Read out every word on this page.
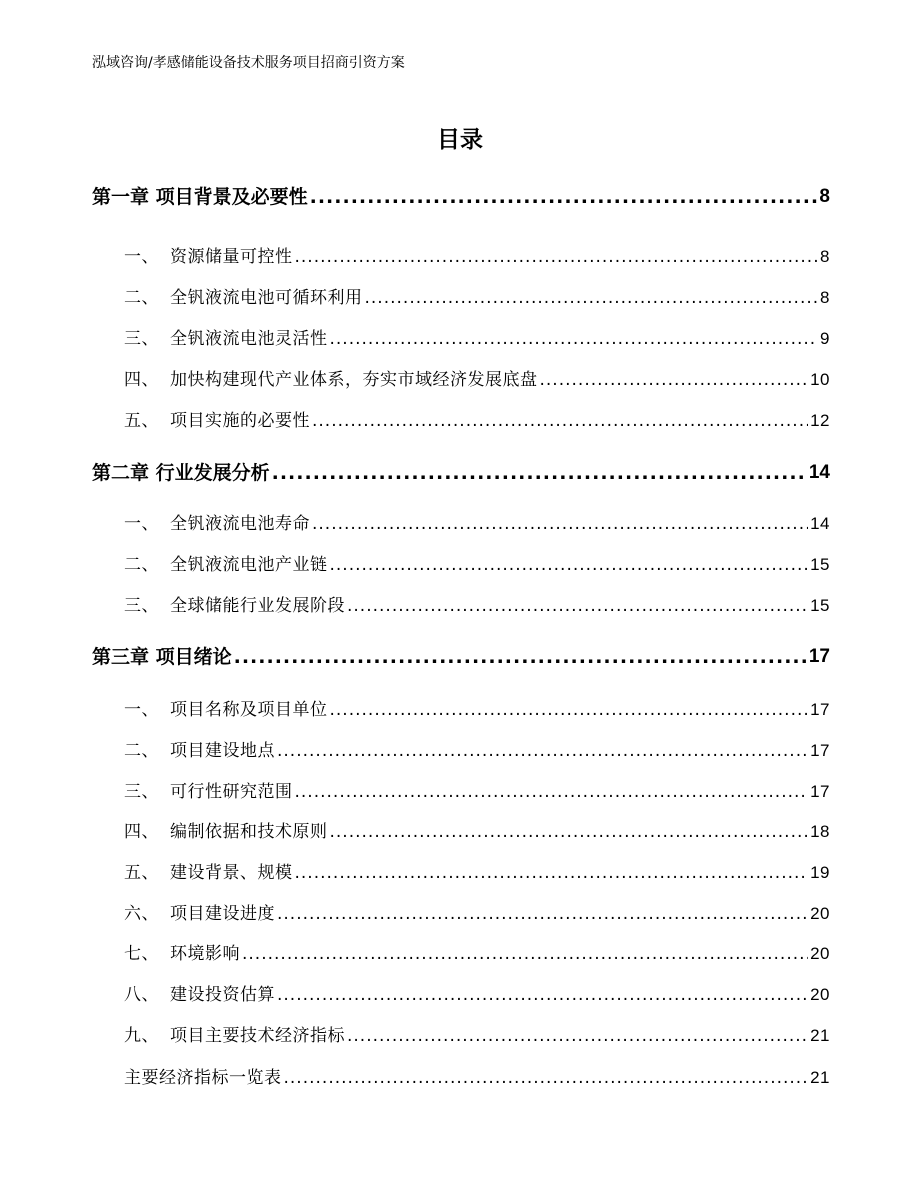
泓域咨询/孝感储能设备技术服务项目招商引资方案
目录
第一章 项目背景及必要性 .....	8
一、 资源储量可控性 .....	8
二、 全钒液流电池可循环利用 .....	8
三、 全钒液流电池灵活性 .....	9
四、 加快构建现代产业体系，夯实市域经济发展底盘 .....	10
五、 项目实施的必要性 .....	12
第二章 行业发展分析 .....	14
一、 全钒液流电池寿命 .....	14
二、 全钒液流电池产业链 .....	15
三、 全球储能行业发展阶段 .....	15
第三章 项目绪论 .....	17
一、 项目名称及项目单位 .....	17
二、 项目建设地点 .....	17
三、 可行性研究范围 .....	17
四、 编制依据和技术原则 .....	18
五、 建设背景、规模 .....	19
六、 项目建设进度 .....	20
七、 环境影响 .....	20
八、 建设投资估算 .....	20
九、 项目主要技术经济指标 .....	21
主要经济指标一览表 .....	21
